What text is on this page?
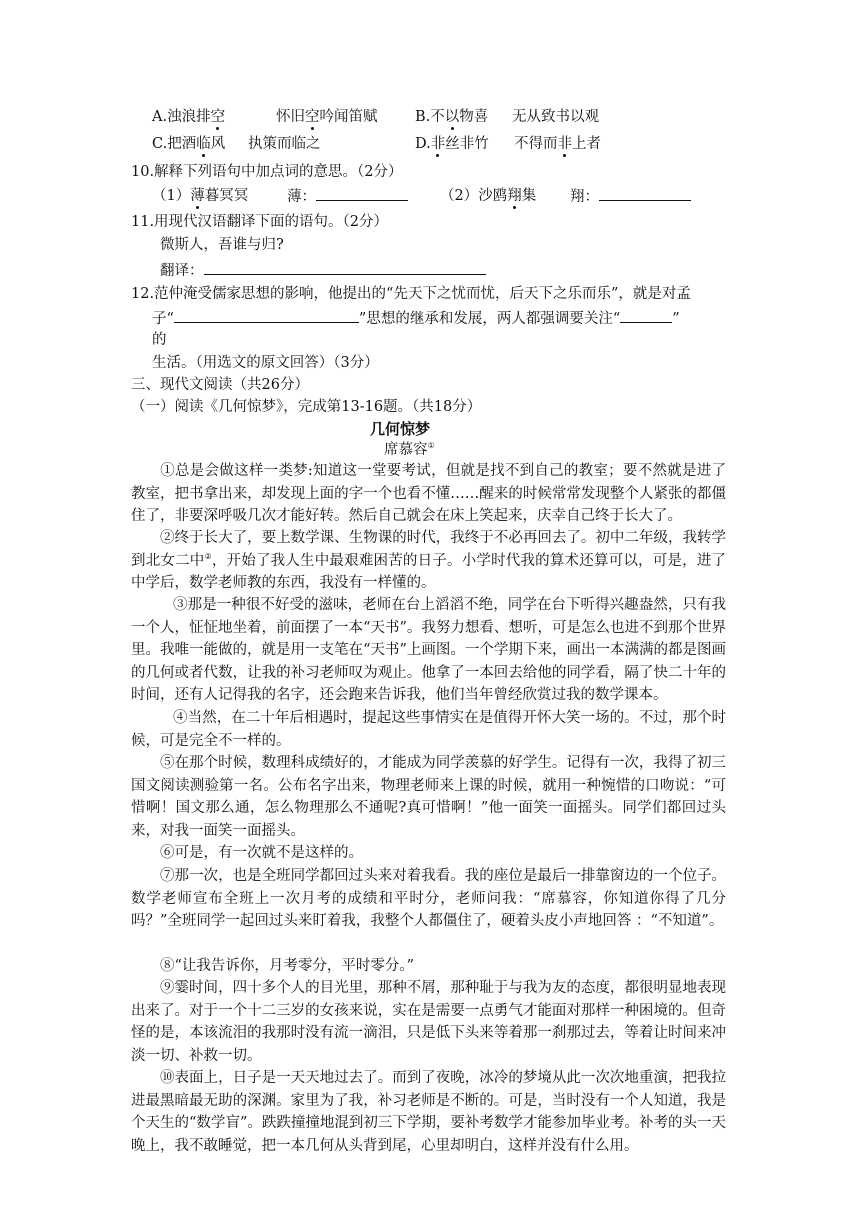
A.浊浪排空	怀旧空吟闻笛赋	B.不以物喜 无从致书以观
C.把酒临风 执策而临之	D.非丝非竹 不得而非上者
10.解释下列语句中加点词的意思。（2分）
（1）薄暮冥冥	薄：	（2）沙鸥翔集 翔：
11.用现代汉语翻译下面的语句。（2分）
微斯人，吾谁与归?
翻译：
12.范仲淹受儒家思想的影响，他提出的“先天下之忧而忧，后天下之乐而乐”，就是对孟
子“	”思想的继承和发展，两人都强调要关注“	”
的
生活。（用选文的原文回答）（3分）
三、现代文阅读（共26分）
（一）阅读《几何惊梦》，完成第13-16题。（共18分）
几何惊梦
席慕容①
①总是会做这样一类梦:知道这一堂要考试，但就是找不到自己的教室；要不然就是进了教室，把书拿出来，却发现上面的字一个也看不懂……醒来的时候常常发现整个人紧张的都僵住了，非要深呼吸几次才能好转。然后自己就会在床上笑起来，庆幸自己终于长大了。
②终于长大了，要上数学课、生物课的时代，我终于不必再回去了。初中二年级，我转学到北女二中②，开始了我人生中最艰难困苦的日子。小学时代我的算术还算可以，可是，进了中学后，数学老师教的东西，我没有一样懂的。
③那是一种很不好受的滋味，老师在台上滔滔不绝，同学在台下听得兴趣盎然，只有我一个人，怔怔地坐着，前面摆了一本“天书”。我努力想看、想听，可是怎么也进不到那个世界里。我唯一能做的，就是用一支笔在“天书”上画图。一个学期下来，画出一本满满的都是图画的几何或者代数，让我的补习老师叹为观止。他拿了一本回去给他的同学看，隔了快二十年的时间，还有人记得我的名字，还会跑来告诉我，他们当年曾经欣赏过我的数学课本。
④当然，在二十年后相遇时，提起这些事情实在是值得开怀大笑一场的。不过，那个时候，可是完全不一样的。
⑤在那个时候，数理科成绩好的，才能成为同学羡慕的好学生。记得有一次，我得了初三国文阅读测验第一名。公布名字出来，物理老师来上课的时候，就用一种惋惜的口吻说：“可惜啊！国文那么通，怎么物理那么不通呢?真可惜啊！”他一面笑一面摇头。同学们都回过头来，对我一面笑一面摇头。
⑥可是，有一次就不是这样的。
⑦那一次，也是全班同学都回过头来对着我看。我的座位是最后一排靠窗边的一个位子。数学老师宣布全班上一次月考的成绩和平时分，老师问我：“席慕容，你知道你得了几分吗？”全班同学一起回过头来盯着我，我整个人都僵住了，硬着头皮小声地回答 ：“不知道”。
⑧“让我告诉你，月考零分，平时零分。”
⑨霎时间，四十多个人的目光里，那种不屑，那种耻于与我为友的态度，都很明显地表现出来了。对于一个十二三岁的女孩来说，实在是需要一点勇气才能面对那样一种困境的。但奇怪的是，本该流泪的我那时没有流一滴泪，只是低下头来等着那一刹那过去，等着让时间来冲淡一切、补救一切。
⑩表面上，日子是一天天地过去了。而到了夜晚，冰冷的梦境从此一次次地重演，把我拉进最黑暗最无助的深渊。家里为了我，补习老师是不断的。可是，当时没有一个人知道，我是个天生的“数学盲”。跌跌撞撞地混到初三下学期，要补考数学才能参加毕业考。补考的头一天晚上，我不敢睡觉，把一本几何从头背到尾，心里却明白，这样并没有什么用。
